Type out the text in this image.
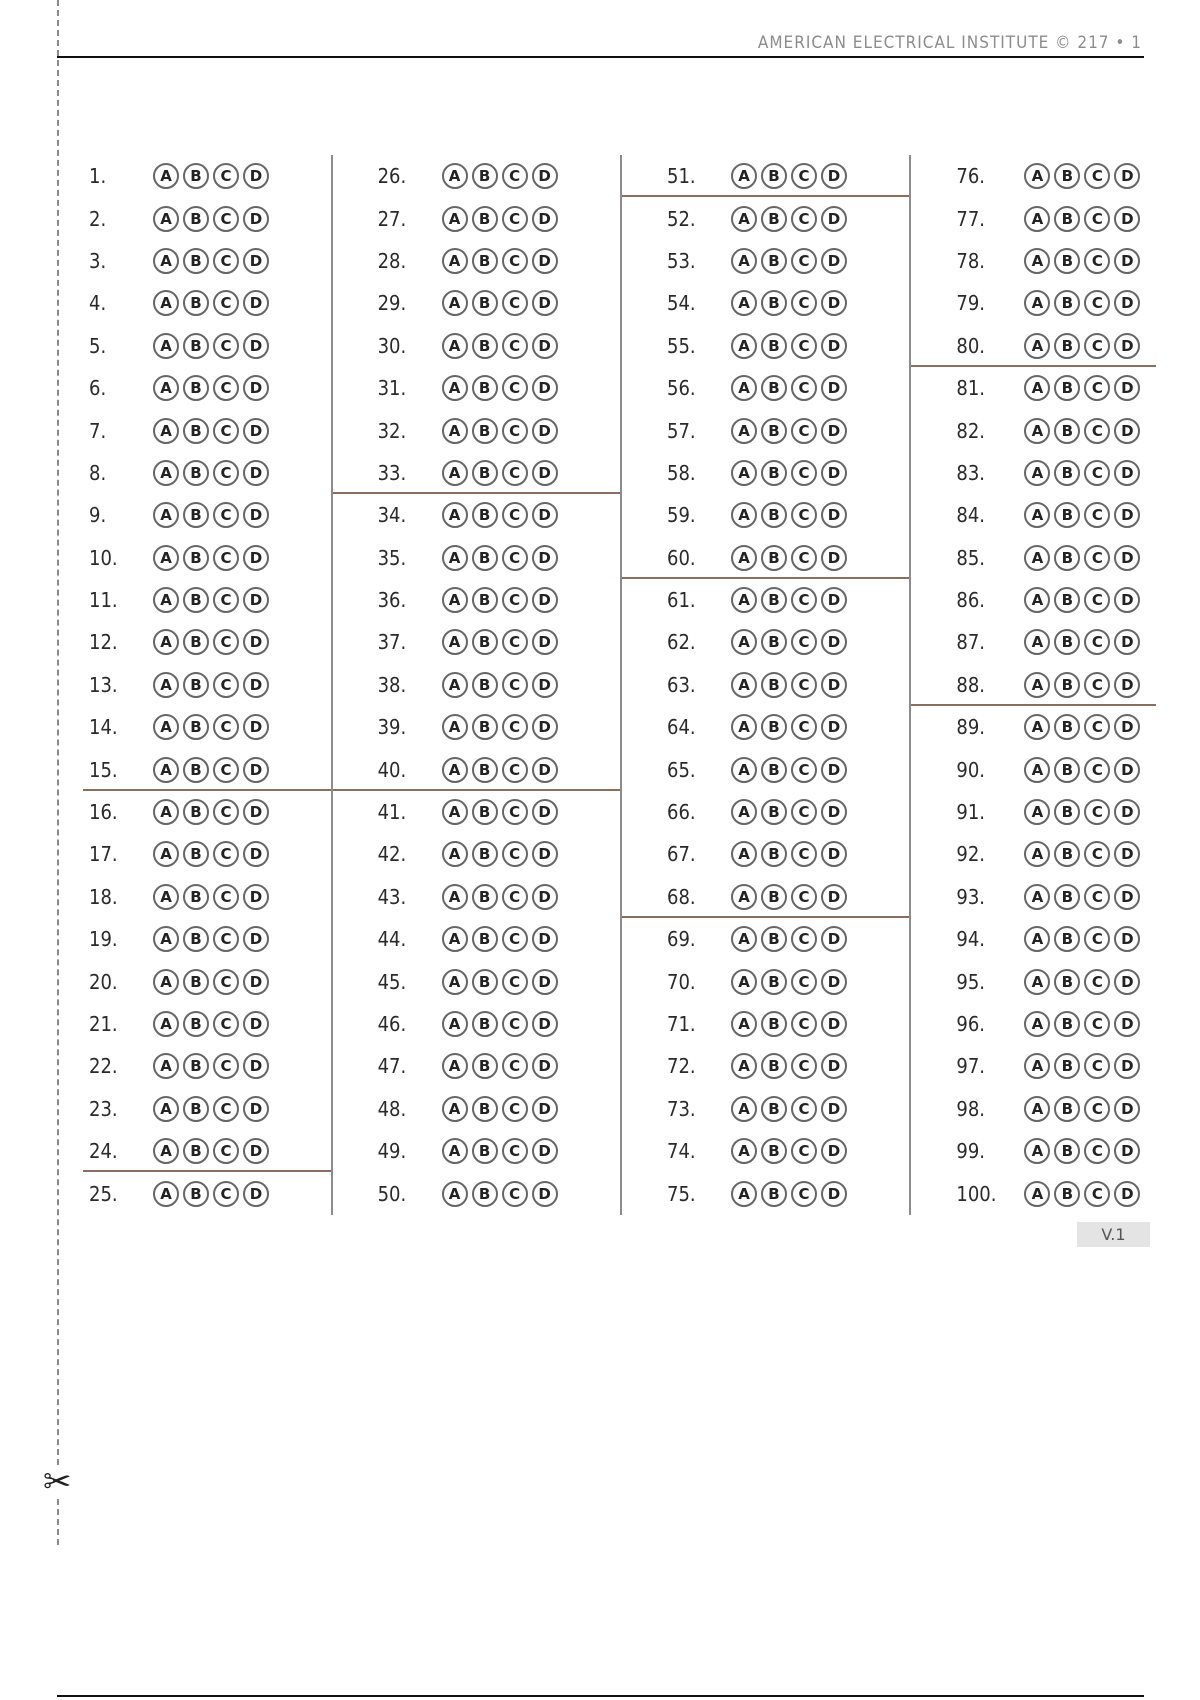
✂
AMERICAN ELECTRICAL INSTITUTE © 217 • 1
1.	A	B	C	D
2.	A	B	C	D
3.	A	B	C	D
4.	A	B	C	D
5.	A	B	C	D
6.	A	B	C	D
7.	A	B	C	D
8.	A	B	C	D
9.	A	B	C	D
10.	A	B	C	D
11.	A	B	C	D
12.	A	B	C	D
13.	A	B	C	D
14.	A	B	C	D
15.	A	B	C	D
16.	A	B	C	D
17.	A	B	C	D
18.	A	B	C	D
19.	A	B	C	D
20.	A	B	C	D
21.	A	B	C	D
22.	A	B	C	D
23.	A	B	C	D
24.	A	B	C	D
25.	A	B	C	D
26.	A	B	C	D
27.	A	B	C	D
28.	A	B	C	D
29.	A	B	C	D
30.	A	B	C	D
31.	A	B	C	D
32.	A	B	C	D
33.	A	B	C	D
34.	A	B	C	D
35.	A	B	C	D
36.	A	B	C	D
37.	A	B	C	D
38.	A	B	C	D
39.	A	B	C	D
40.	A	B	C	D
41.	A	B	C	D
42.	A	B	C	D
43.	A	B	C	D
44.	A	B	C	D
45.	A	B	C	D
46.	A	B	C	D
47.	A	B	C	D
48.	A	B	C	D
49.	A	B	C	D
50.	A	B	C	D
51.	A	B	C	D
52.	A	B	C	D
53.	A	B	C	D
54.	A	B	C	D
55.	A	B	C	D
56.	A	B	C	D
57.	A	B	C	D
58.	A	B	C	D
59.	A	B	C	D
60.	A	B	C	D
61.	A	B	C	D
62.	A	B	C	D
63.	A	B	C	D
64.	A	B	C	D
65.	A	B	C	D
66.	A	B	C	D
67.	A	B	C	D
68.	A	B	C	D
69.	A	B	C	D
70.	A	B	C	D
71.	A	B	C	D
72.	A	B	C	D
73.	A	B	C	D
74.	A	B	C	D
75.	A	B	C	D
76.	A	B	C	D
77.	A	B	C	D
78.	A	B	C	D
79.	A	B	C	D
80.	A	B	C	D
81.	A	B	C	D
82.	A	B	C	D
83.	A	B	C	D
84.	A	B	C	D
85.	A	B	C	D
86.	A	B	C	D
87.	A	B	C	D
88.	A	B	C	D
89.	A	B	C	D
90.	A	B	C	D
91.	A	B	C	D
92.	A	B	C	D
93.	A	B	C	D
94.	A	B	C	D
95.	A	B	C	D
96.	A	B	C	D
97.	A	B	C	D
98.	A	B	C	D
99.	A	B	C	D
100.	A	B	C	D
V.1
